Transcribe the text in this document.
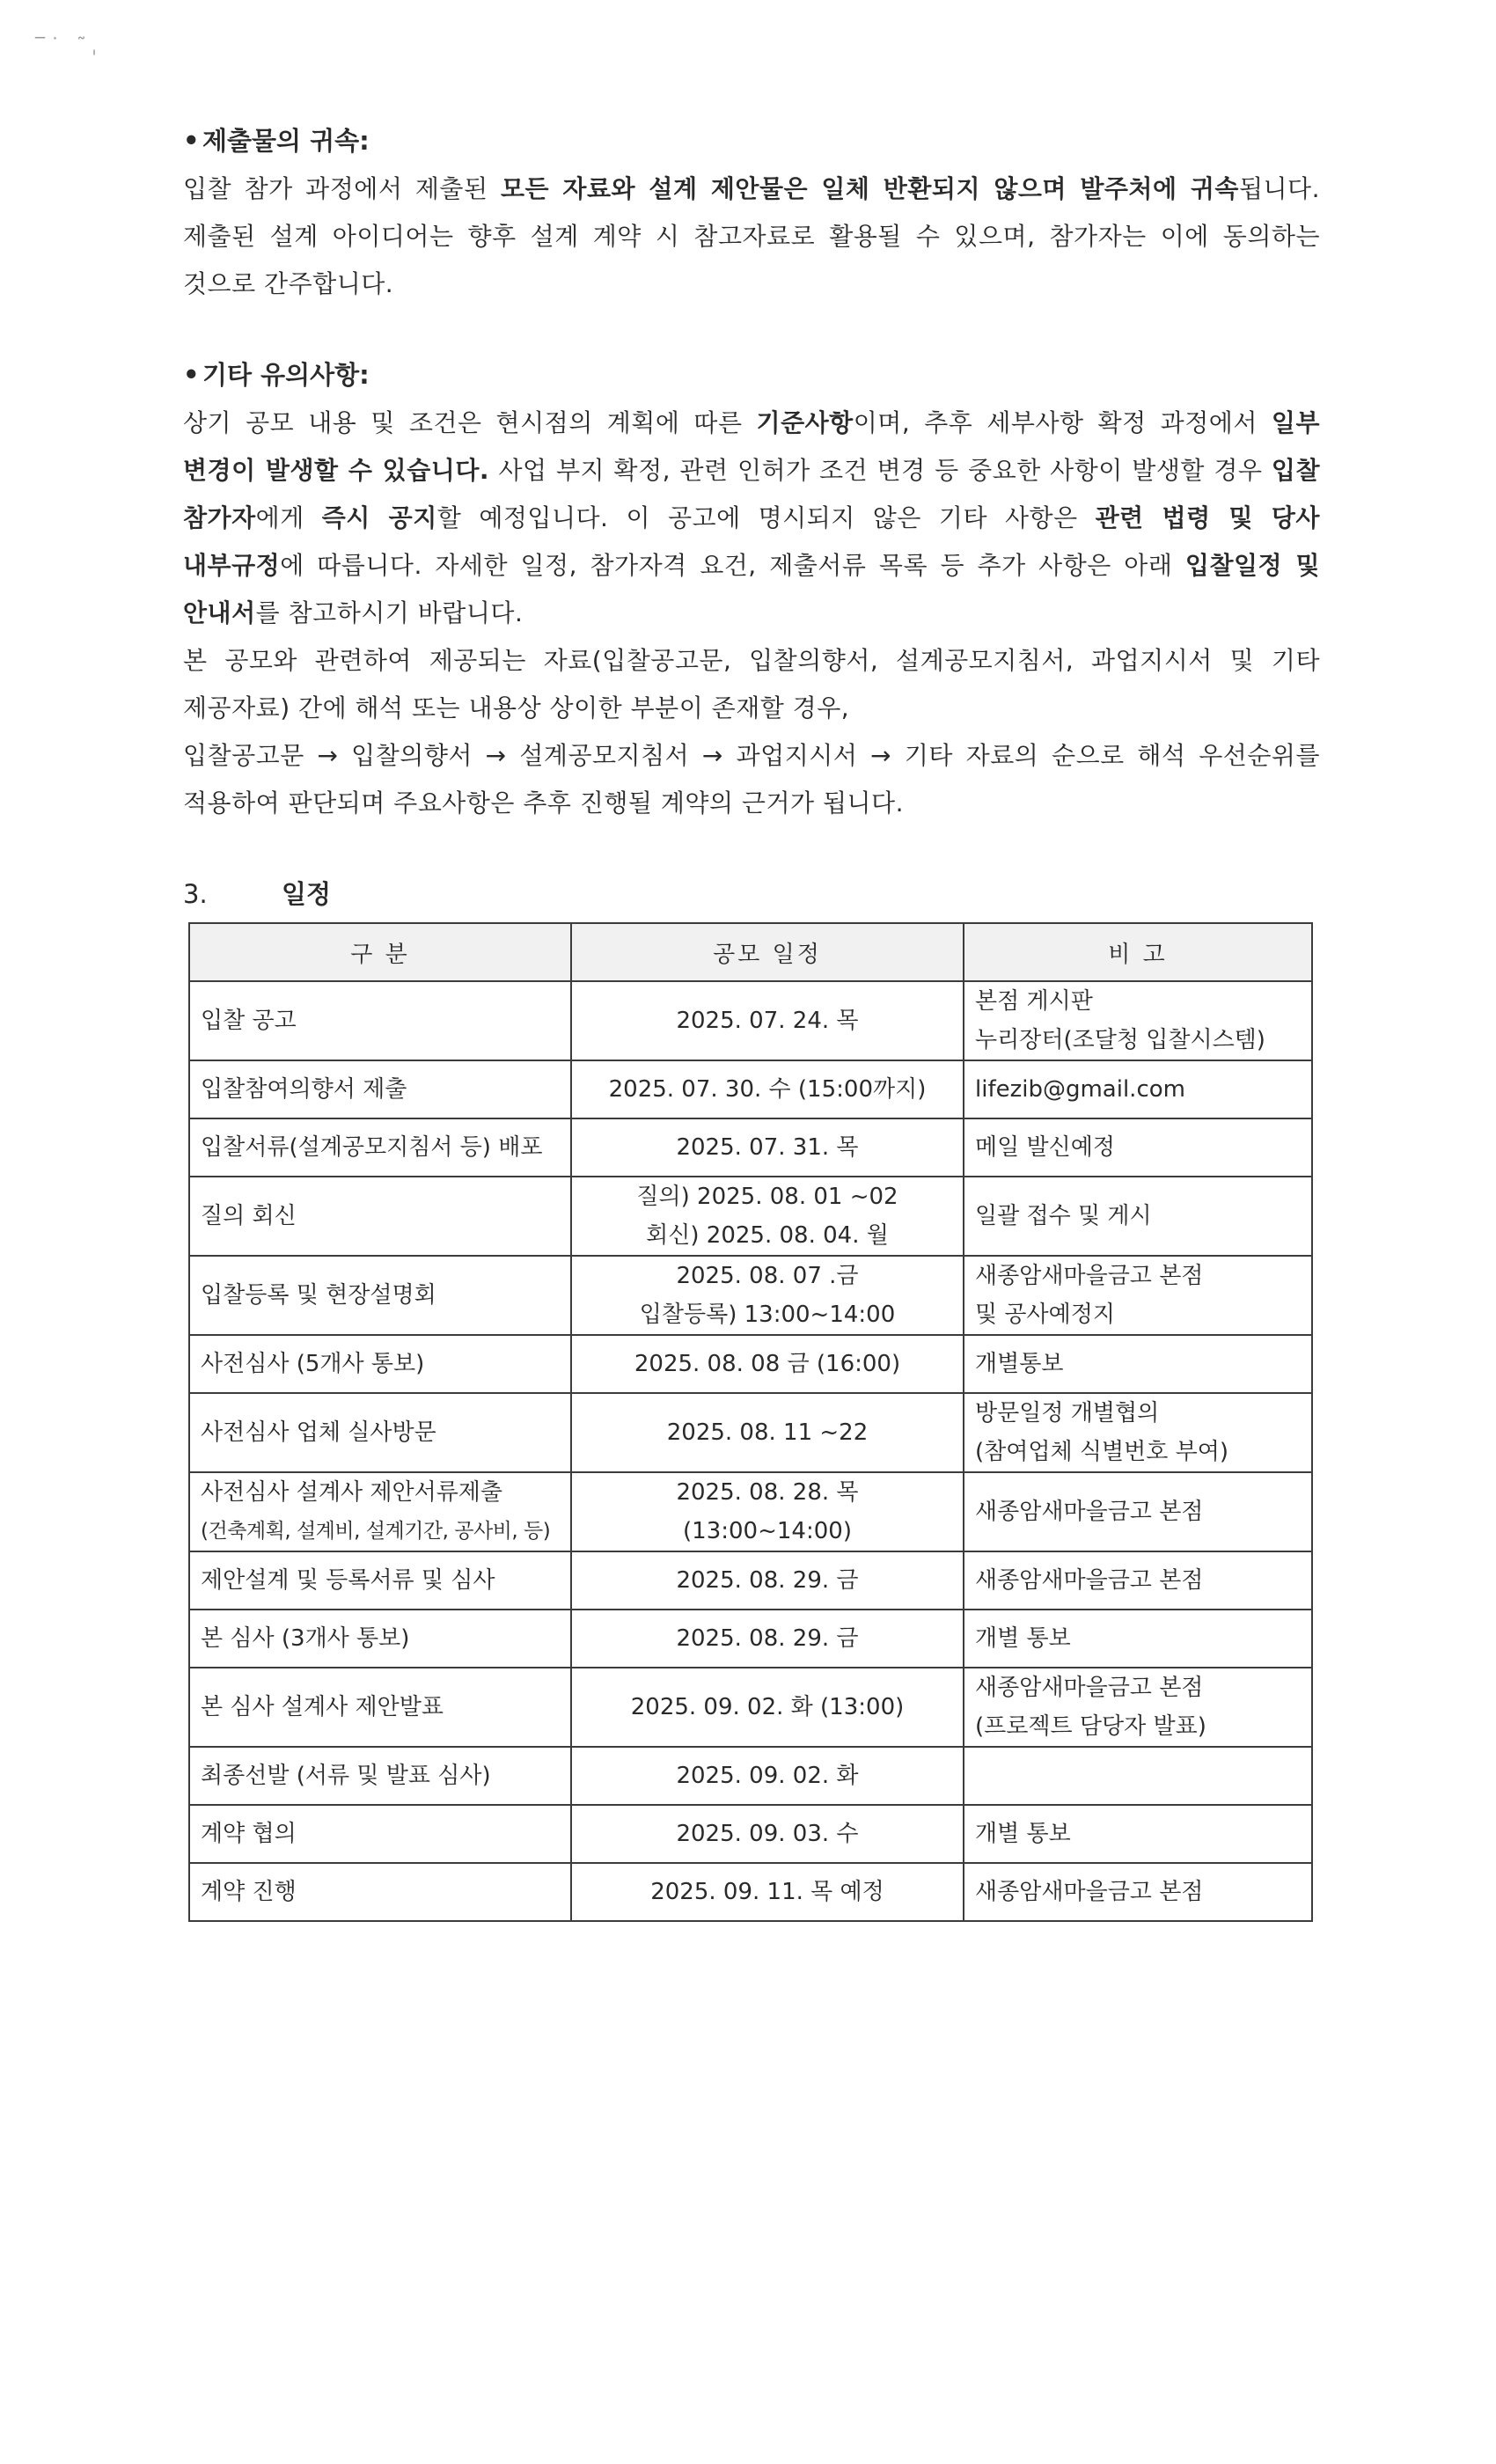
‾˙ ˜ˌ
• 제출물의 귀속:

입찰 참가 과정에서 제출된 모든 자료와 설계 제안물은 일체 반환되지 않으며 발주처에 귀속됩니다. 제출된 설계 아이디어는 향후 설계 계약 시 참고자료로 활용될 수 있으며, 참가자는 이에 동의하는 것으로 간주합니다.

• 기타 유의사항:

상기 공모 내용 및 조건은 현시점의 계획에 따른 기준사항이며, 추후 세부사항 확정 과정에서 일부 변경이 발생할 수 있습니다. 사업 부지 확정, 관련 인허가 조건 변경 등 중요한 사항이 발생할 경우 입찰 참가자에게 즉시 공지할 예정입니다. 이 공고에 명시되지 않은 기타 사항은 관련 법령 및 당사 내부규정에 따릅니다. 자세한 일정, 참가자격 요건, 제출서류 목록 등 추가 사항은 아래 입찰일정 및 안내서를 참고하시기 바랍니다.

본 공모와 관련하여 제공되는 자료(입찰공고문, 입찰의향서, 설계공모지침서, 과업지시서 및 기타 제공자료) 간에 해석 또는 내용상 상이한 부분이 존재할 경우,

입찰공고문 → 입찰의향서 → 설계공모지침서 → 과업지시서 → 기타 자료의 순으로 해석 우선순위를 적용하여 판단되며 주요사항은 추후 진행될 계약의 근거가 됩니다.

3.	일정
구 분	공모 일정	비 고

입찰 공고	2025. 07. 24. 목	본점 게시판
누리장터(조달청 입찰시스템)

입찰참여의향서 제출	2025. 07. 30. 수 (15:00까지)	lifezib@gmail.com

입찰서류(설계공모지침서 등) 배포	2025. 07. 31. 목	메일 발신예정

질의 회신	질의) 2025. 08. 01 ~02
회신) 2025. 08. 04. 월	일괄 접수 및 게시

입찰등록 및 현장설명회	2025. 08. 07 .금
입찰등록) 13:00~14:00	새종암새마을금고 본점
및 공사예정지

사전심사 (5개사 통보)	2025. 08. 08 금 (16:00)	개별통보

사전심사 업체 실사방문	2025. 08. 11 ~22	방문일정 개별협의
(참여업체 식별번호 부여)

사전심사 설계사 제안서류제출
(건축계획, 설계비, 설계기간, 공사비, 등)	2025. 08. 28. 목
(13:00~14:00)	새종암새마을금고 본점

제안설계 및 등록서류 및 심사	2025. 08. 29. 금	새종암새마을금고 본점

본 심사 (3개사 통보)	2025. 08. 29. 금	개별 통보

본 심사 설계사 제안발표	2025. 09. 02. 화 (13:00)	새종암새마을금고 본점
(프로젝트 담당자 발표)

최종선발 (서류 및 발표 심사)	2025. 09. 02. 화	

계약 협의	2025. 09. 03. 수	개별 통보

계약 진행	2025. 09. 11. 목 예정	새종암새마을금고 본점
